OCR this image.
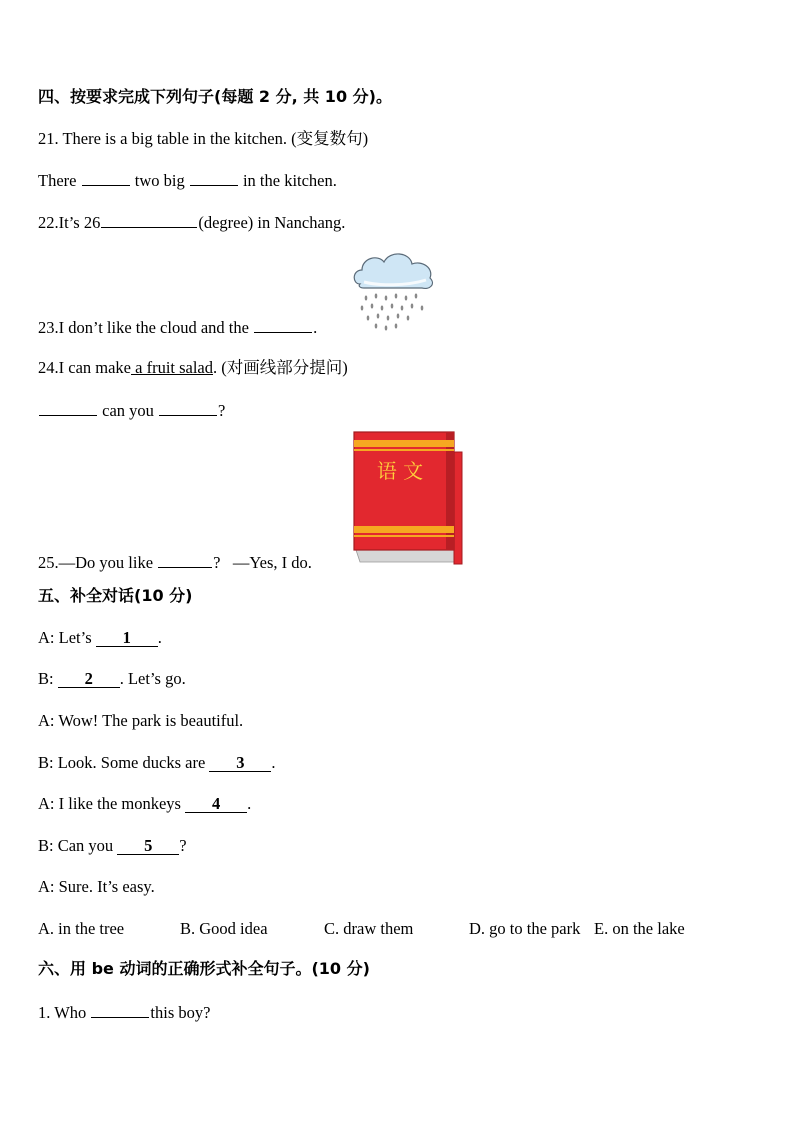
四、按要求完成下列句子(每题 2 分, 共 10 分)。
21. There is a big table in the kitchen. (变复数句)
There	two big	in the kitchen.
22.It’s 26	(degree) in Nanchang.
23.I don’t like the cloud and the	.
24.I can make a fruit salad. (对画线部分提问)
can you	?
语 文
25.—Do you like	?   —Yes, I do.
五、补全对话(10 分)
A: Let’s 1 .
B: 2 . Let’s go.
A: Wow! The park is beautiful.
B: Look. Some ducks are 3 .
A: I like the monkeys 4 .
B: Can you 5 ?
A: Sure. It’s easy.
A. in the tree	B. Good idea	C. draw them	D. go to the park E. on the lake
六、用 be 动词的正确形式补全句子。(10 分)
1. Who	this boy?
